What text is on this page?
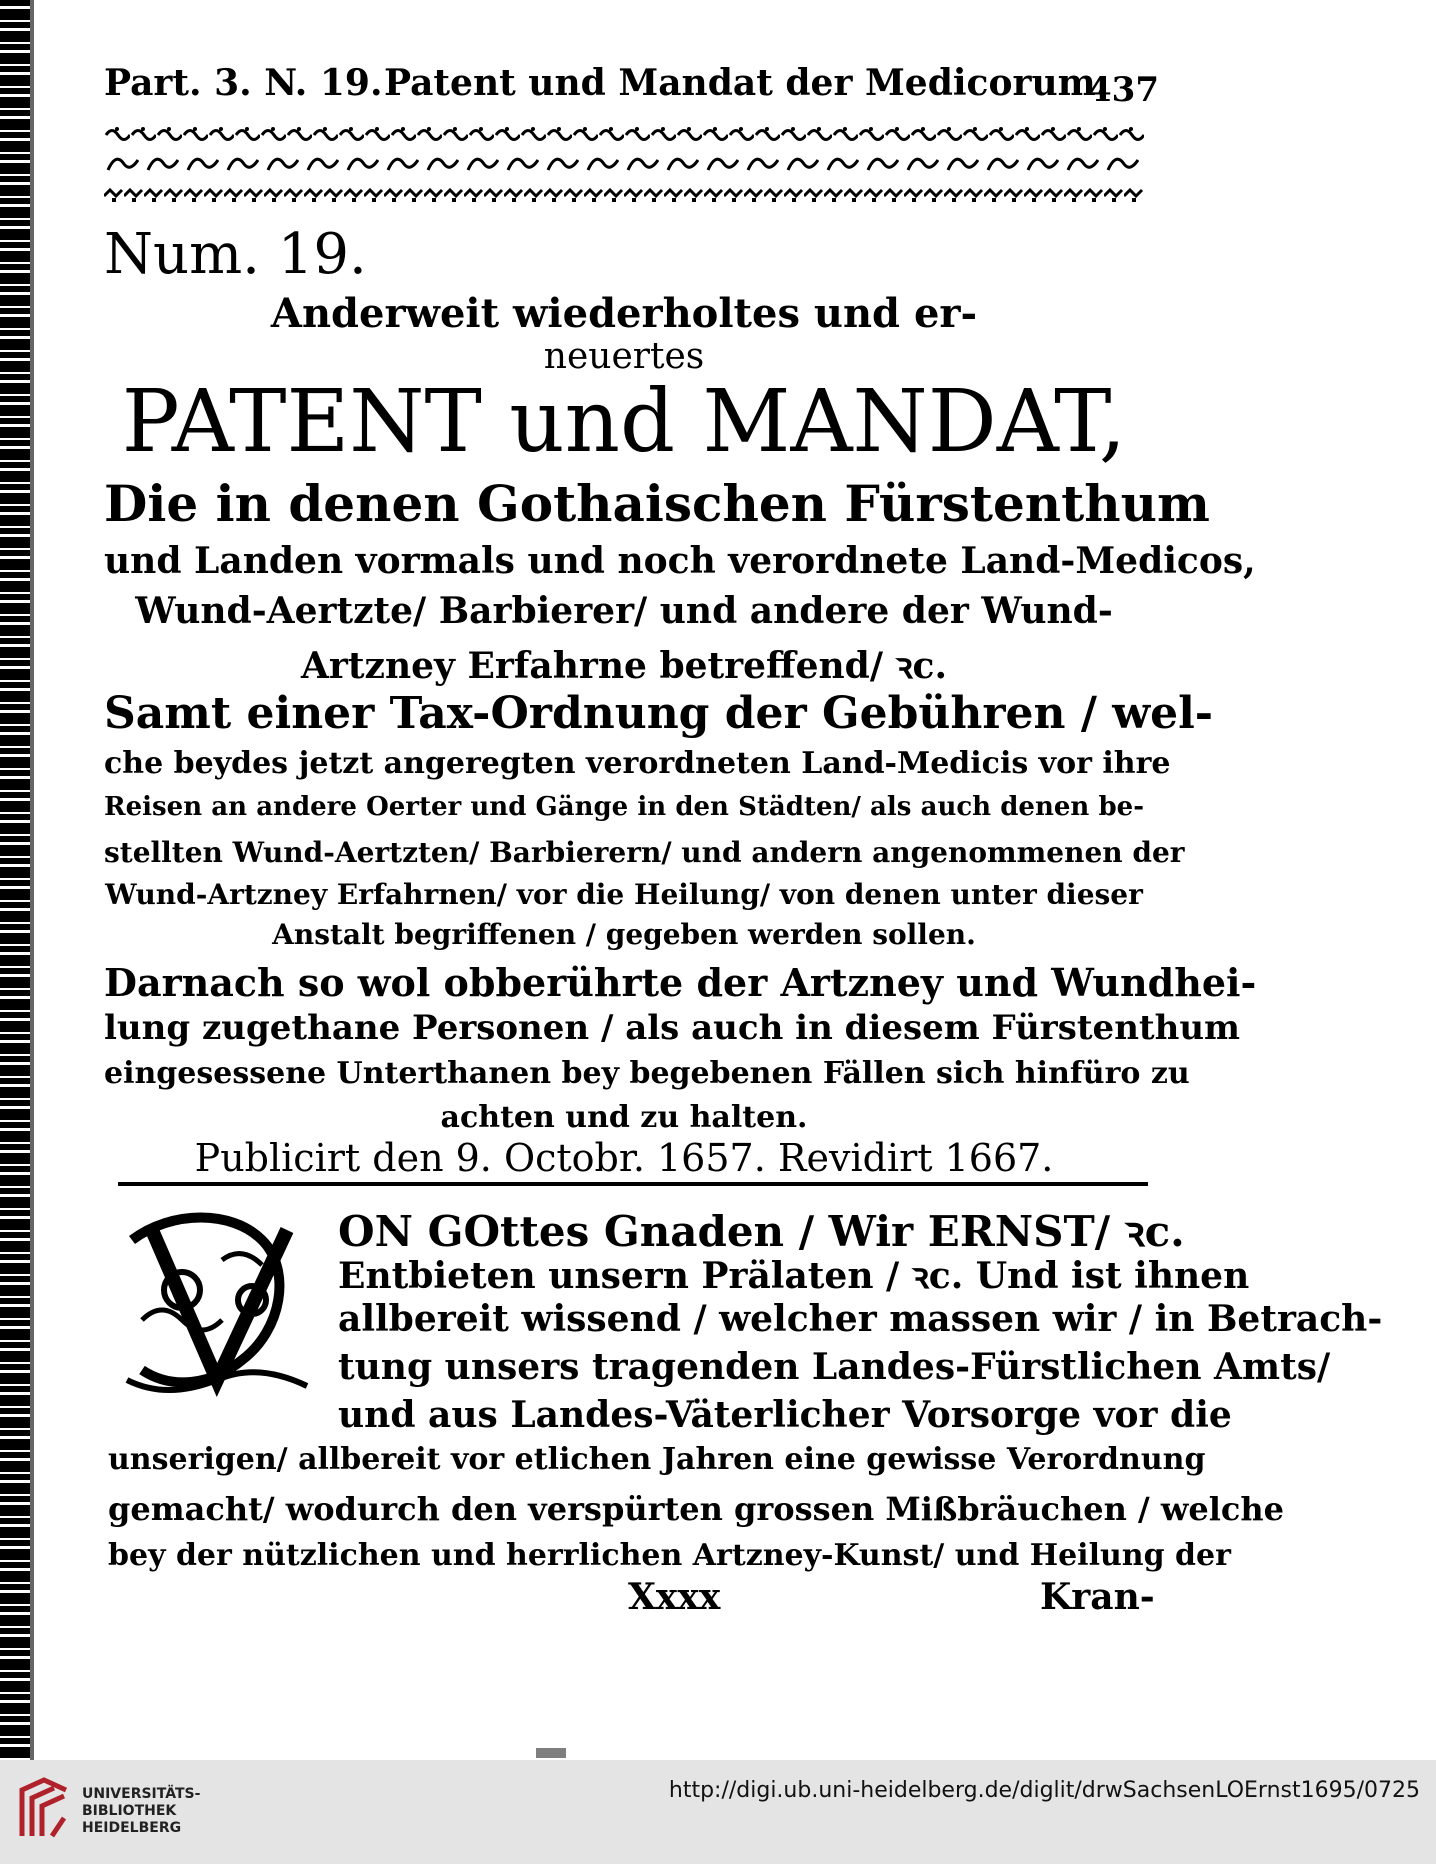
Part. 3. N. 19. Patent und Mandat der Medicorum.
437
Num. 19.
Anderweit wiederholtes und er-
neuertes
PATENT und MANDAT,
Die in denen Gothaischen Fürstenthum
und Landen vormals und noch verordnete Land-Medicos,
Wund-Aertzte/ Barbierer/ und andere der Wund-
Artzney Erfahrne betreffend/ ꝛc.
Samt einer Tax-Ordnung der Gebühren / wel-
che beydes jetzt angeregten verordneten Land-Medicis vor ihre
Reisen an andere Oerter und Gänge in den Städten/ als auch denen be-
stellten Wund-Aertzten/ Barbierern/ und andern angenommenen der
Wund-Artzney Erfahrnen/ vor die Heilung/ von denen unter dieser
Anstalt begriffenen / gegeben werden sollen.
Darnach so wol obberührte der Artzney und Wundhei-
lung zugethane Personen / als auch in diesem Fürstenthum
eingesessene Unterthanen bey begebenen Fällen sich hinfüro zu
achten und zu halten.
Publicirt den 9. Octobr. 1657. Revidirt 1667.
ON GOttes Gnaden / Wir ERNST/ ꝛc.
Entbieten unsern Prälaten / ꝛc. Und ist ihnen
allbereit wissend / welcher massen wir / in Betrach-
tung unsers tragenden Landes-Fürstlichen Amts/
und aus Landes-Väterlicher Vorsorge vor die
unserigen/ allbereit vor etlichen Jahren eine gewisse Verordnung
gemacht/ wodurch den verspürten grossen Mißbräuchen / welche
bey der nützlichen und herrlichen Artzney-Kunst/ und Heilung der
Xxxx	Kran-
UNIVERSITÄTS-
BIBLIOTHEK
HEIDELBERG
http://digi.ub.uni-heidelberg.de/diglit/drwSachsenLOErnst1695/0725
